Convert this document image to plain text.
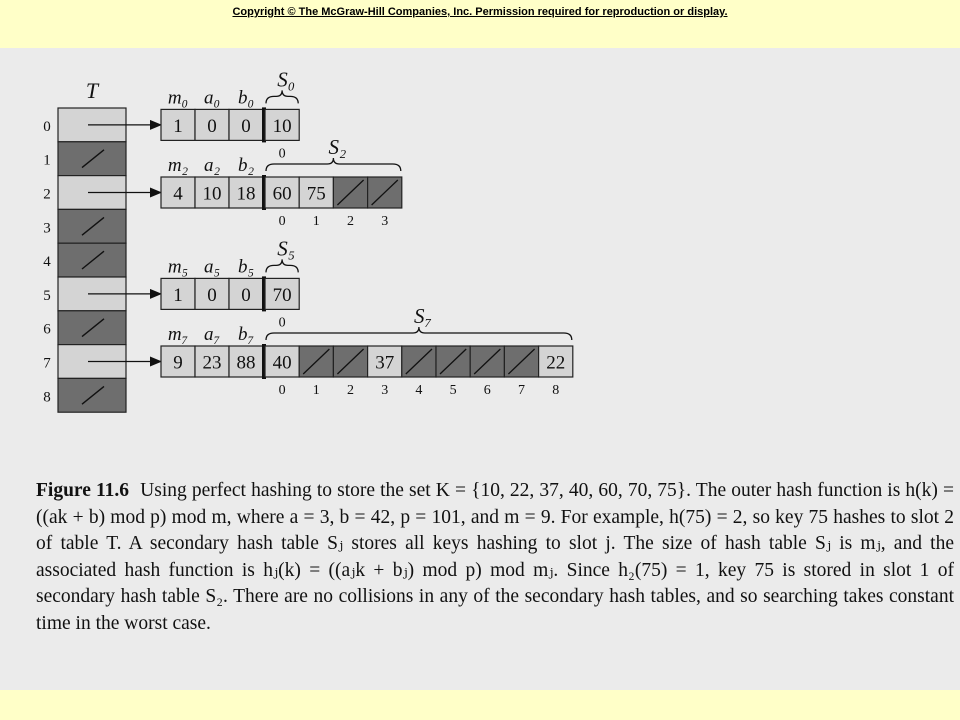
Copyright © The McGraw-Hill Companies, Inc. Permission required for reproduction or display.
T
0
1
2
3
4
5
6
7
8
1
m₀
0
a₀
0
b₀
10
0
S₀
4
m₂
10
a₂
18
b₂
60
0
75
1 2 3
S₂
1
m₅
0
a₅
0
b₅
70
0
S₅
9
m₇
23
a₇
88
b₇
40
0 1 2
37
3 4 5 6 7
22
8
S₇
Figure 11.6 Using perfect hashing to store the set K = {10, 22, 37, 40, 60, 70, 75}. The outer hash function is h(k) = ((ak + b) mod p) mod m, where a = 3, b = 42, p = 101, and m = 9. For example, h(75) = 2, so key 75 hashes to slot 2 of table T. A secondary hash table Sⱼ stores all keys hashing to slot j. The size of hash table Sⱼ is mⱼ, and the associated hash function is hⱼ(k) = ((aⱼk + bⱼ) mod p) mod mⱼ. Since h₂(75) = 1, key 75 is stored in slot 1 of secondary hash table S₂. There are no collisions in any of the secondary hash tables, and so searching takes constant time in the worst case.
